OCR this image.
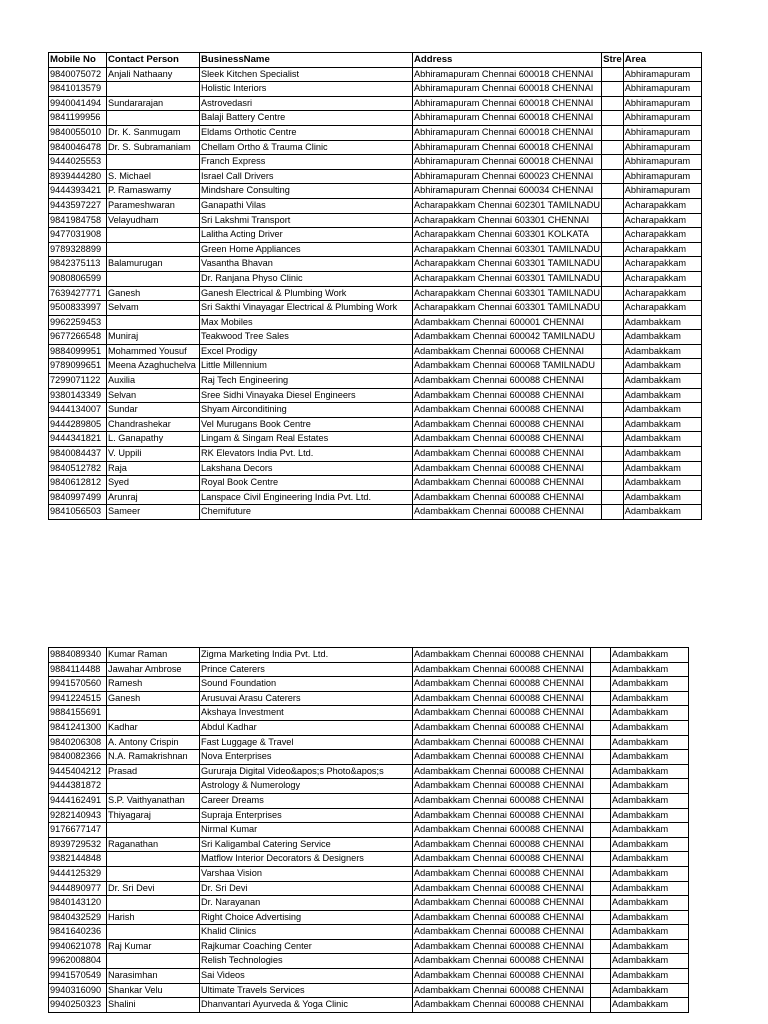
Mobile No	Contact Person	BusinessName	Address	Stre	Area
9840075072	Anjali Nathaany	Sleek Kitchen Specialist	Abhiramapuram Chennai 600018 CHENNAI		Abhiramapuram
9841013579		Holistic Interiors	Abhiramapuram Chennai 600018 CHENNAI		Abhiramapuram
9940041494	Sundararajan	Astrovedasri	Abhiramapuram Chennai 600018 CHENNAI		Abhiramapuram
9841199956		Balaji Battery Centre	Abhiramapuram Chennai 600018 CHENNAI		Abhiramapuram
9840055010	Dr. K. Sanmugam	Eldams Orthotic Centre	Abhiramapuram Chennai 600018 CHENNAI		Abhiramapuram
9840046478	Dr. S. Subramaniam	Chellam Ortho & Trauma Clinic	Abhiramapuram Chennai 600018 CHENNAI		Abhiramapuram
9444025553		Franch Express	Abhiramapuram Chennai 600018 CHENNAI		Abhiramapuram
8939444280	S. Michael	Israel Call Drivers	Abhiramapuram Chennai 600023 CHENNAI		Abhiramapuram
9444393421	P. Ramaswamy	Mindshare Consulting	Abhiramapuram Chennai 600034 CHENNAI		Abhiramapuram
9443597227	Parameshwaran	Ganapathi Vilas	Acharapakkam Chennai 602301 TAMILNADU		Acharapakkam
9841984758	Velayudham	Sri Lakshmi Transport	Acharapakkam Chennai 603301 CHENNAI		Acharapakkam
9477031908		Lalitha Acting Driver	Acharapakkam Chennai 603301 KOLKATA		Acharapakkam
9789328899		Green Home Appliances	Acharapakkam Chennai 603301 TAMILNADU		Acharapakkam
9842375113	Balamurugan	Vasantha Bhavan	Acharapakkam Chennai 603301 TAMILNADU		Acharapakkam
9080806599		Dr. Ranjana Physo Clinic	Acharapakkam Chennai 603301 TAMILNADU		Acharapakkam
7639427771	Ganesh	Ganesh Electrical & Plumbing Work	Acharapakkam Chennai 603301 TAMILNADU		Acharapakkam
9500833997	Selvam	Sri Sakthi Vinayagar Electrical & Plumbing Work	Acharapakkam Chennai 603301 TAMILNADU		Acharapakkam
9962259453		Max Mobiles	Adambakkam Chennai 600001 CHENNAI		Adambakkam
9677266548	Muniraj	Teakwood Tree Sales	Adambakkam Chennai 600042 TAMILNADU		Adambakkam
9884099951	Mohammed Yousuf	Excel Prodigy	Adambakkam Chennai 600068 CHENNAI		Adambakkam
9789099651	Meena Azaghuchelva	Little Millennium	Adambakkam Chennai 600068 TAMILNADU		Adambakkam
7299071122	Auxilia	Raj Tech Engineering	Adambakkam Chennai 600088 CHENNAI		Adambakkam
9380143349	Selvan	Sree Sidhi Vinayaka Diesel Engineers	Adambakkam Chennai 600088 CHENNAI		Adambakkam
9444134007	Sundar	Shyam Airconditining	Adambakkam Chennai 600088 CHENNAI		Adambakkam
9444289805	Chandrashekar	Vel Murugans Book Centre	Adambakkam Chennai 600088 CHENNAI		Adambakkam
9444341821	L. Ganapathy	Lingam & Singam Real Estates	Adambakkam Chennai 600088 CHENNAI		Adambakkam
9840084437	V. Uppili	RK Elevators India Pvt. Ltd.	Adambakkam Chennai 600088 CHENNAI		Adambakkam
9840512782	Raja	Lakshana Decors	Adambakkam Chennai 600088 CHENNAI		Adambakkam
9840612812	Syed	Royal Book Centre	Adambakkam Chennai 600088 CHENNAI		Adambakkam
9840997499	Arunraj	Lanspace Civil Engineering India Pvt. Ltd.	Adambakkam Chennai 600088 CHENNAI		Adambakkam
9841056503	Sameer	Chemifuture	Adambakkam Chennai 600088 CHENNAI		Adambakkam
9884089340	Kumar Raman	Zigma Marketing India Pvt. Ltd.	Adambakkam Chennai 600088 CHENNAI		Adambakkam
9884114488	Jawahar Ambrose	Prince Caterers	Adambakkam Chennai 600088 CHENNAI		Adambakkam
9941570560	Ramesh	Sound Foundation	Adambakkam Chennai 600088 CHENNAI		Adambakkam
9941224515	Ganesh	Arusuvai Arasu Caterers	Adambakkam Chennai 600088 CHENNAI		Adambakkam
9884155691		Akshaya Investment	Adambakkam Chennai 600088 CHENNAI		Adambakkam
9841241300	Kadhar	Abdul Kadhar	Adambakkam Chennai 600088 CHENNAI		Adambakkam
9840206308	A. Antony Crispin	Fast Luggage & Travel	Adambakkam Chennai 600088 CHENNAI		Adambakkam
9840082366	N.A. Ramakrishnan	Nova Enterprises	Adambakkam Chennai 600088 CHENNAI		Adambakkam
9445404212	Prasad	Gururaja Digital Video&apos;s Photo&apos;s	Adambakkam Chennai 600088 CHENNAI		Adambakkam
9444381872		Astrology & Numerology	Adambakkam Chennai 600088 CHENNAI		Adambakkam
9444162491	S.P. Vaithyanathan	Career Dreams	Adambakkam Chennai 600088 CHENNAI		Adambakkam
9282140943	Thiyagaraj	Supraja Enterprises	Adambakkam Chennai 600088 CHENNAI		Adambakkam
9176677147		Nirmal Kumar	Adambakkam Chennai 600088 CHENNAI		Adambakkam
8939729532	Raganathan	Sri Kaligambal Catering Service	Adambakkam Chennai 600088 CHENNAI		Adambakkam
9382144848		Matflow Interior Decorators & Designers	Adambakkam Chennai 600088 CHENNAI		Adambakkam
9444125329		Varshaa Vision	Adambakkam Chennai 600088 CHENNAI		Adambakkam
9444890977	Dr. Sri Devi	Dr. Sri Devi	Adambakkam Chennai 600088 CHENNAI		Adambakkam
9840143120		Dr. Narayanan	Adambakkam Chennai 600088 CHENNAI		Adambakkam
9840432529	Harish	Right Choice Advertising	Adambakkam Chennai 600088 CHENNAI		Adambakkam
9841640236		Khalid Clinics	Adambakkam Chennai 600088 CHENNAI		Adambakkam
9940621078	Raj Kumar	Rajkumar Coaching Center	Adambakkam Chennai 600088 CHENNAI		Adambakkam
9962008804		Relish Technologies	Adambakkam Chennai 600088 CHENNAI		Adambakkam
9941570549	Narasimhan	Sai Videos	Adambakkam Chennai 600088 CHENNAI		Adambakkam
9940316090	Shankar Velu	Ultimate Travels Services	Adambakkam Chennai 600088 CHENNAI		Adambakkam
9940250323	Shalini	Dhanvantari Ayurveda & Yoga Clinic	Adambakkam Chennai 600088 CHENNAI		Adambakkam
